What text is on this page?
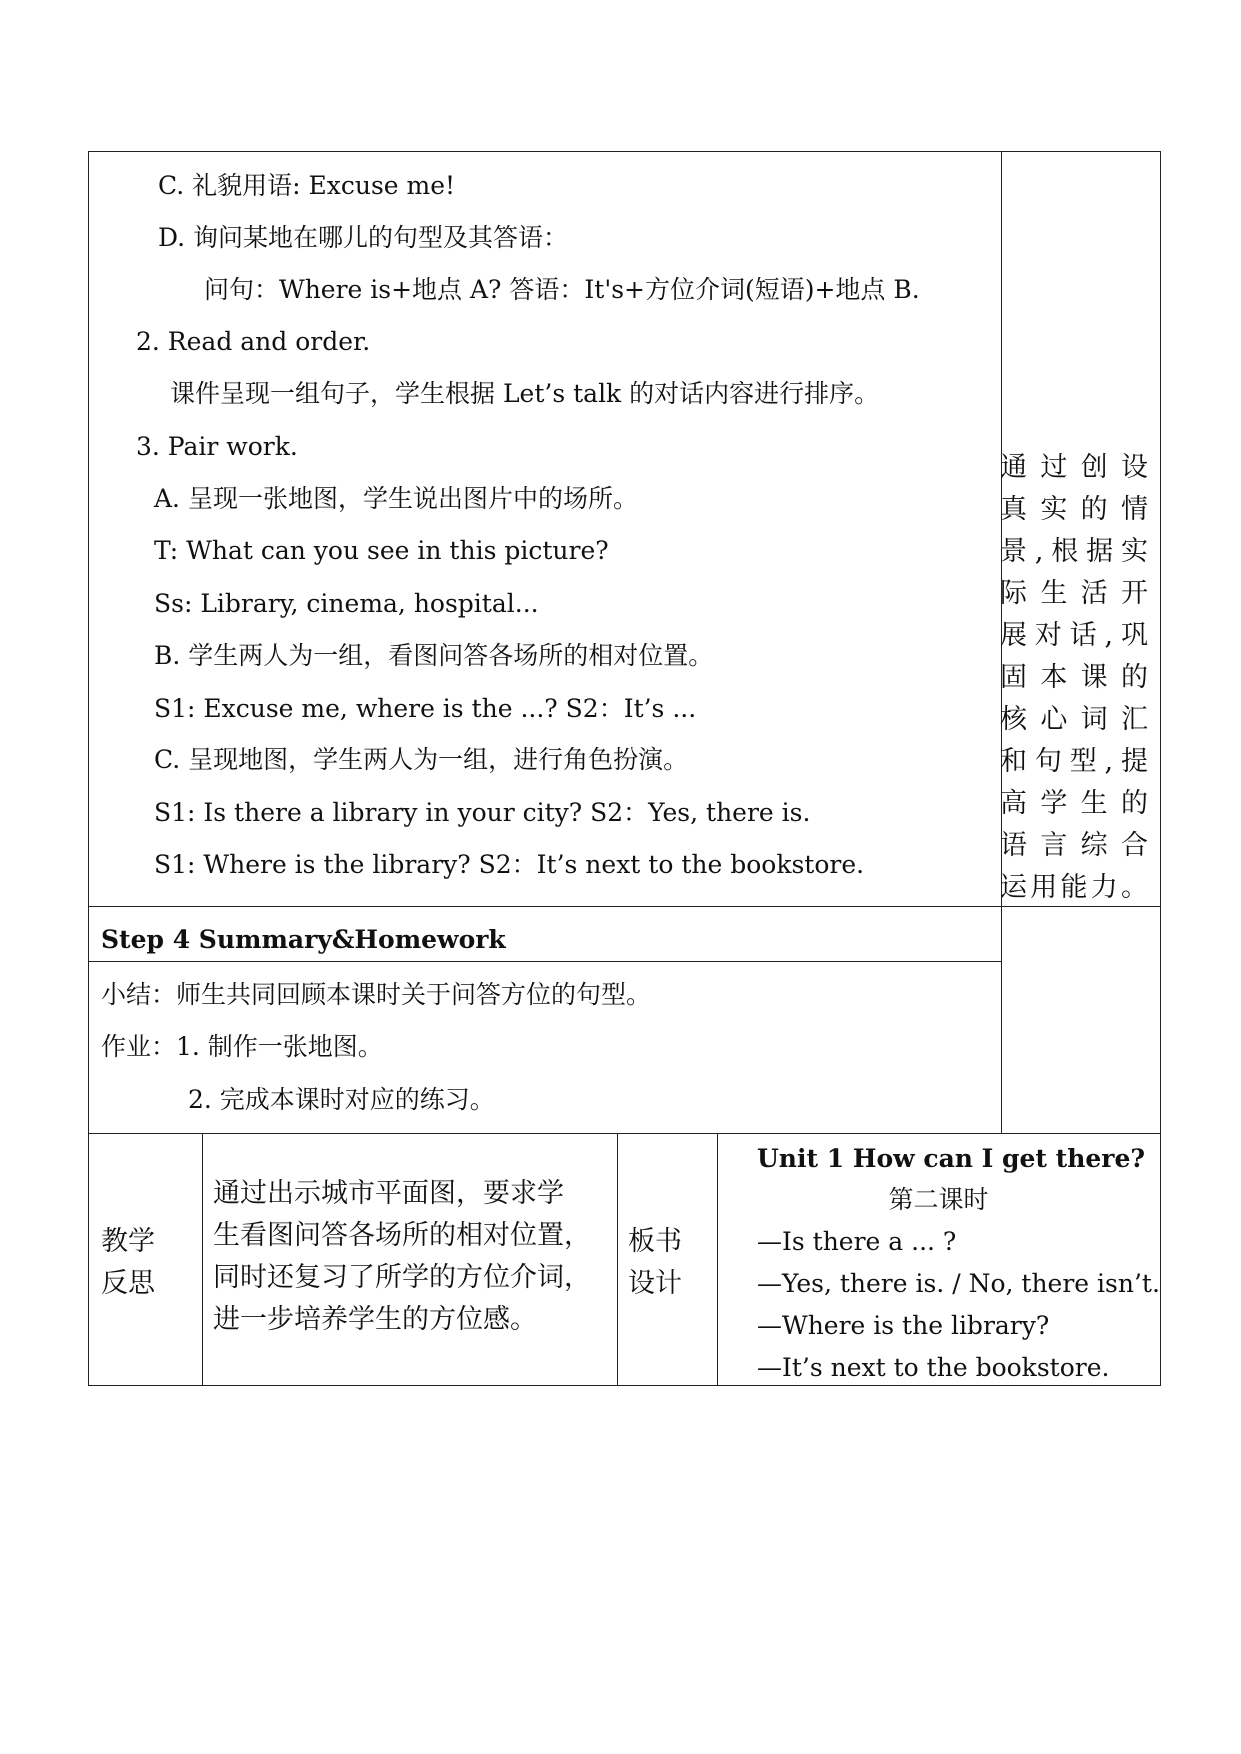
C. 礼貌用语: Excuse me!
D. 询问某地在哪儿的句型及其答语：
问句：Where is+地点 A? 答语：It's+方位介词(短语)+地点 B.
2. Read and order.
课件呈现一组句子，学生根据 Let’s talk 的对话内容进行排序。
3. Pair work.
A. 呈现一张地图，学生说出图片中的场所。
T: What can you see in this picture?
Ss: Library, cinema, hospital...
B. 学生两人为一组，看图问答各场所的相对位置。
S1: Excuse me, where is the ...? S2：It’s ...
C. 呈现地图，学生两人为一组，进行角色扮演。
S1: Is there a library in your city? S2：Yes, there is.
S1: Where is the library? S2：It’s next to the bookstore.
通 过 创 设
真 实 的 情
景 , 根 据 实
际 生 活 开
展 对 话 , 巩
固 本 课 的
核 心 词 汇
和 句 型 , 提
高 学 生 的
语 言 综 合
运 用 能 力 。
Step 4 Summary&Homework
小结：师生共同回顾本课时关于问答方位的句型。
作业：1. 制作一张地图。
2. 完成本课时对应的练习。
教学
反思
通过出示城市平面图，要求学
生看图问答各场所的相对位置，
同时还复习了所学的方位介词，
进一步培养学生的方位感。
板书
设计
Unit 1 How can I get there?
第二课时
—Is there a ... ?
—Yes, there is. / No, there isn’t.
—Where is the library?
—It’s next to the bookstore.
